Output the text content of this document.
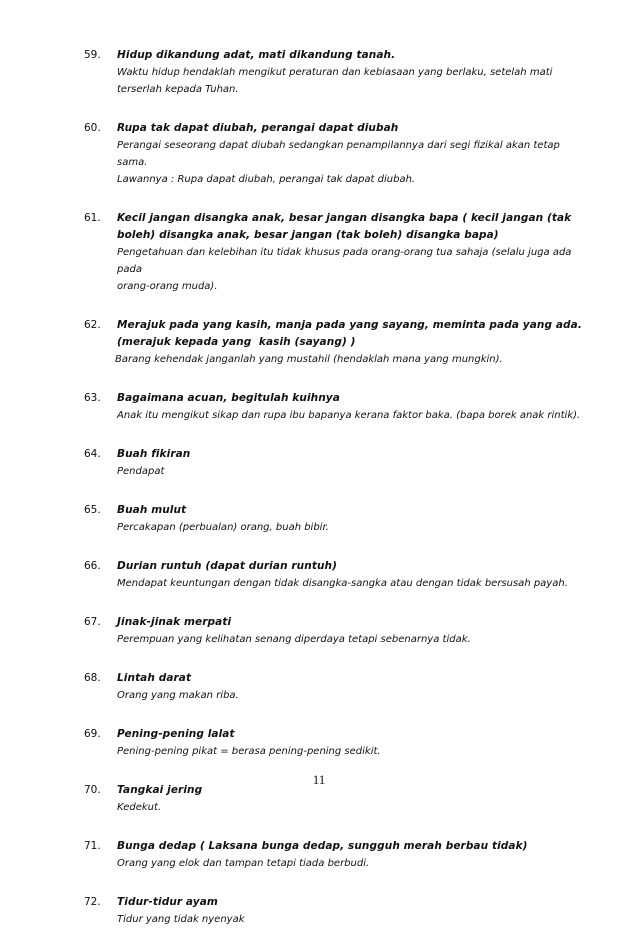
59. Hidup dikandung adat, mati dikandung tanah.
Waktu hidup hendaklah mengikut peraturan dan kebiasaan yang berlaku, setelah mati
terserlah kepada Tuhan.
60. Rupa tak dapat diubah, perangai dapat diubah
Perangai seseorang dapat diubah sedangkan penampilannya dari segi fizikal akan tetap sama.
Lawannya : Rupa dapat diubah, perangai tak dapat diubah.
61. Kecil jangan disangka anak, besar jangan disangka bapa ( kecil jangan (tak boleh) disangka anak, besar jangan (tak boleh) disangka bapa)
Pengetahuan dan kelebihan itu tidak khusus pada orang-orang tua sahaja (selalu juga ada pada
orang-orang muda).
62. Merajuk pada yang kasih, manja pada yang sayang, meminta pada yang ada. (merajuk kepada yang  kasih (sayang) )
Barang kehendak janganlah yang mustahil (hendaklah mana yang mungkin).
63. Bagaimana acuan, begitulah kuihnya
Anak itu mengikut sikap dan rupa ibu bapanya kerana faktor baka. (bapa borek anak rintik).
64. Buah fikiran
Pendapat
65. Buah mulut
Percakapan (perbualan) orang, buah bibir.
66. Durian runtuh (dapat durian runtuh)
Mendapat keuntungan dengan tidak disangka-sangka atau dengan tidak bersusah payah.
67. Jinak-jinak merpati
Perempuan yang kelihatan senang diperdaya tetapi sebenarnya tidak.
68. Lintah darat
Orang yang makan riba.
69. Pening-pening lalat
Pening-pening pikat = berasa pening-pening sedikit.
70. Tangkai jering
Kedekut.
71. Bunga dedap ( Laksana bunga dedap, sungguh merah berbau tidak)
Orang yang elok dan tampan tetapi tiada berbudi.
72. Tidur-tidur ayam
Tidur yang tidak nyenyak
11
